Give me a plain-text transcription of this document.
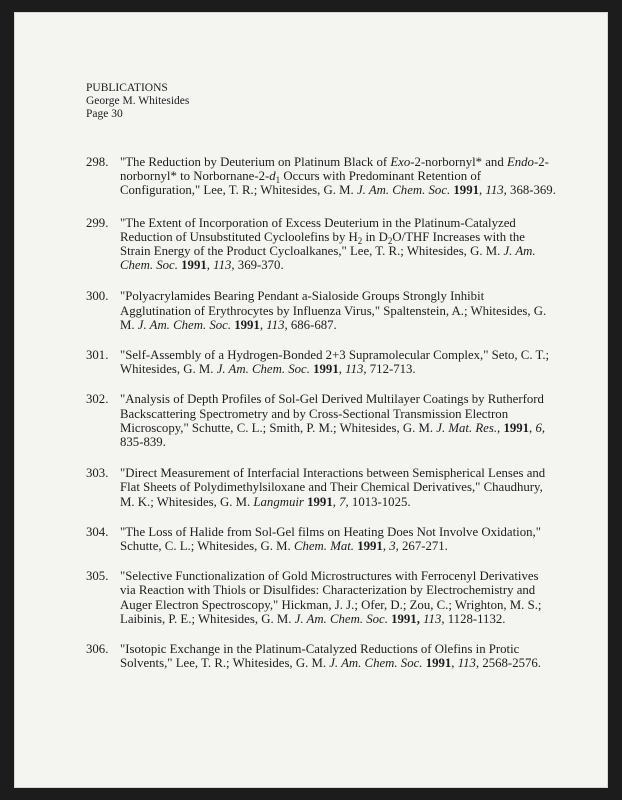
PUBLICATIONS
George M. Whitesides
Page 30
298. "The Reduction by Deuterium on Platinum Black of Exo-2-norbornyl* and Endo-2-norbornyl* to Norbornane-$2-d_1$ Occurs with Predominant Retention of Configuration," Lee, T. R.; Whitesides, G. M. J. Am. Chem. Soc. 1991, 113, 368-369.
299. "The Extent of Incorporation of Excess Deuterium in the Platinum-Catalyzed Reduction of Unsubstituted Cycloolefins by $H_2$ in $D_2O$/THF Increases with the Strain Energy of the Product Cycloalkanes," Lee, T. R.; Whitesides, G. M. J. Am. Chem. Soc. 1991, 113, 369-370.
300. "Polyacrylamides Bearing Pendant a-Sialoside Groups Strongly Inhibit Agglutination of Erythrocytes by Influenza Virus," Spaltenstein, A.; Whitesides, G. M. J. Am. Chem. Soc. 1991, 113, 686-687.
301. "Self-Assembly of a Hydrogen-Bonded 2+3 Supramolecular Complex," Seto, C. T.; Whitesides, G. M. J. Am. Chem. Soc. 1991, 113, 712-713.
302. "Analysis of Depth Profiles of Sol-Gel Derived Multilayer Coatings by Rutherford Backscattering Spectrometry and by Cross-Sectional Transmission Electron Microscopy," Schutte, C. L.; Smith, P. M.; Whitesides, G. M. J. Mat. Res., 1991, 6, 835-839.
303. "Direct Measurement of Interfacial Interactions between Semispherical Lenses and Flat Sheets of Polydimethylsiloxane and Their Chemical Derivatives," Chaudhury, M. K.; Whitesides, G. M. Langmuir 1991, 7, 1013-1025.
304. "The Loss of Halide from Sol-Gel films on Heating Does Not Involve Oxidation," Schutte, C. L.; Whitesides, G. M. Chem. Mat. 1991, 3, 267-271.
305. "Selective Functionalization of Gold Microstructures with Ferrocenyl Derivatives via Reaction with Thiols or Disulfides: Characterization by Electrochemistry and Auger Electron Spectroscopy," Hickman, J. J.; Ofer, D.; Zou, C.; Wrighton, M. S.; Laibinis, P. E.; Whitesides, G. M. J. Am. Chem. Soc. 1991, 113, 1128-1132.
306. "Isotopic Exchange in the Platinum-Catalyzed Reductions of Olefins in Protic Solvents," Lee, T. R.; Whitesides, G. M. J. Am. Chem. Soc. 1991, 113, 2568-2576.
